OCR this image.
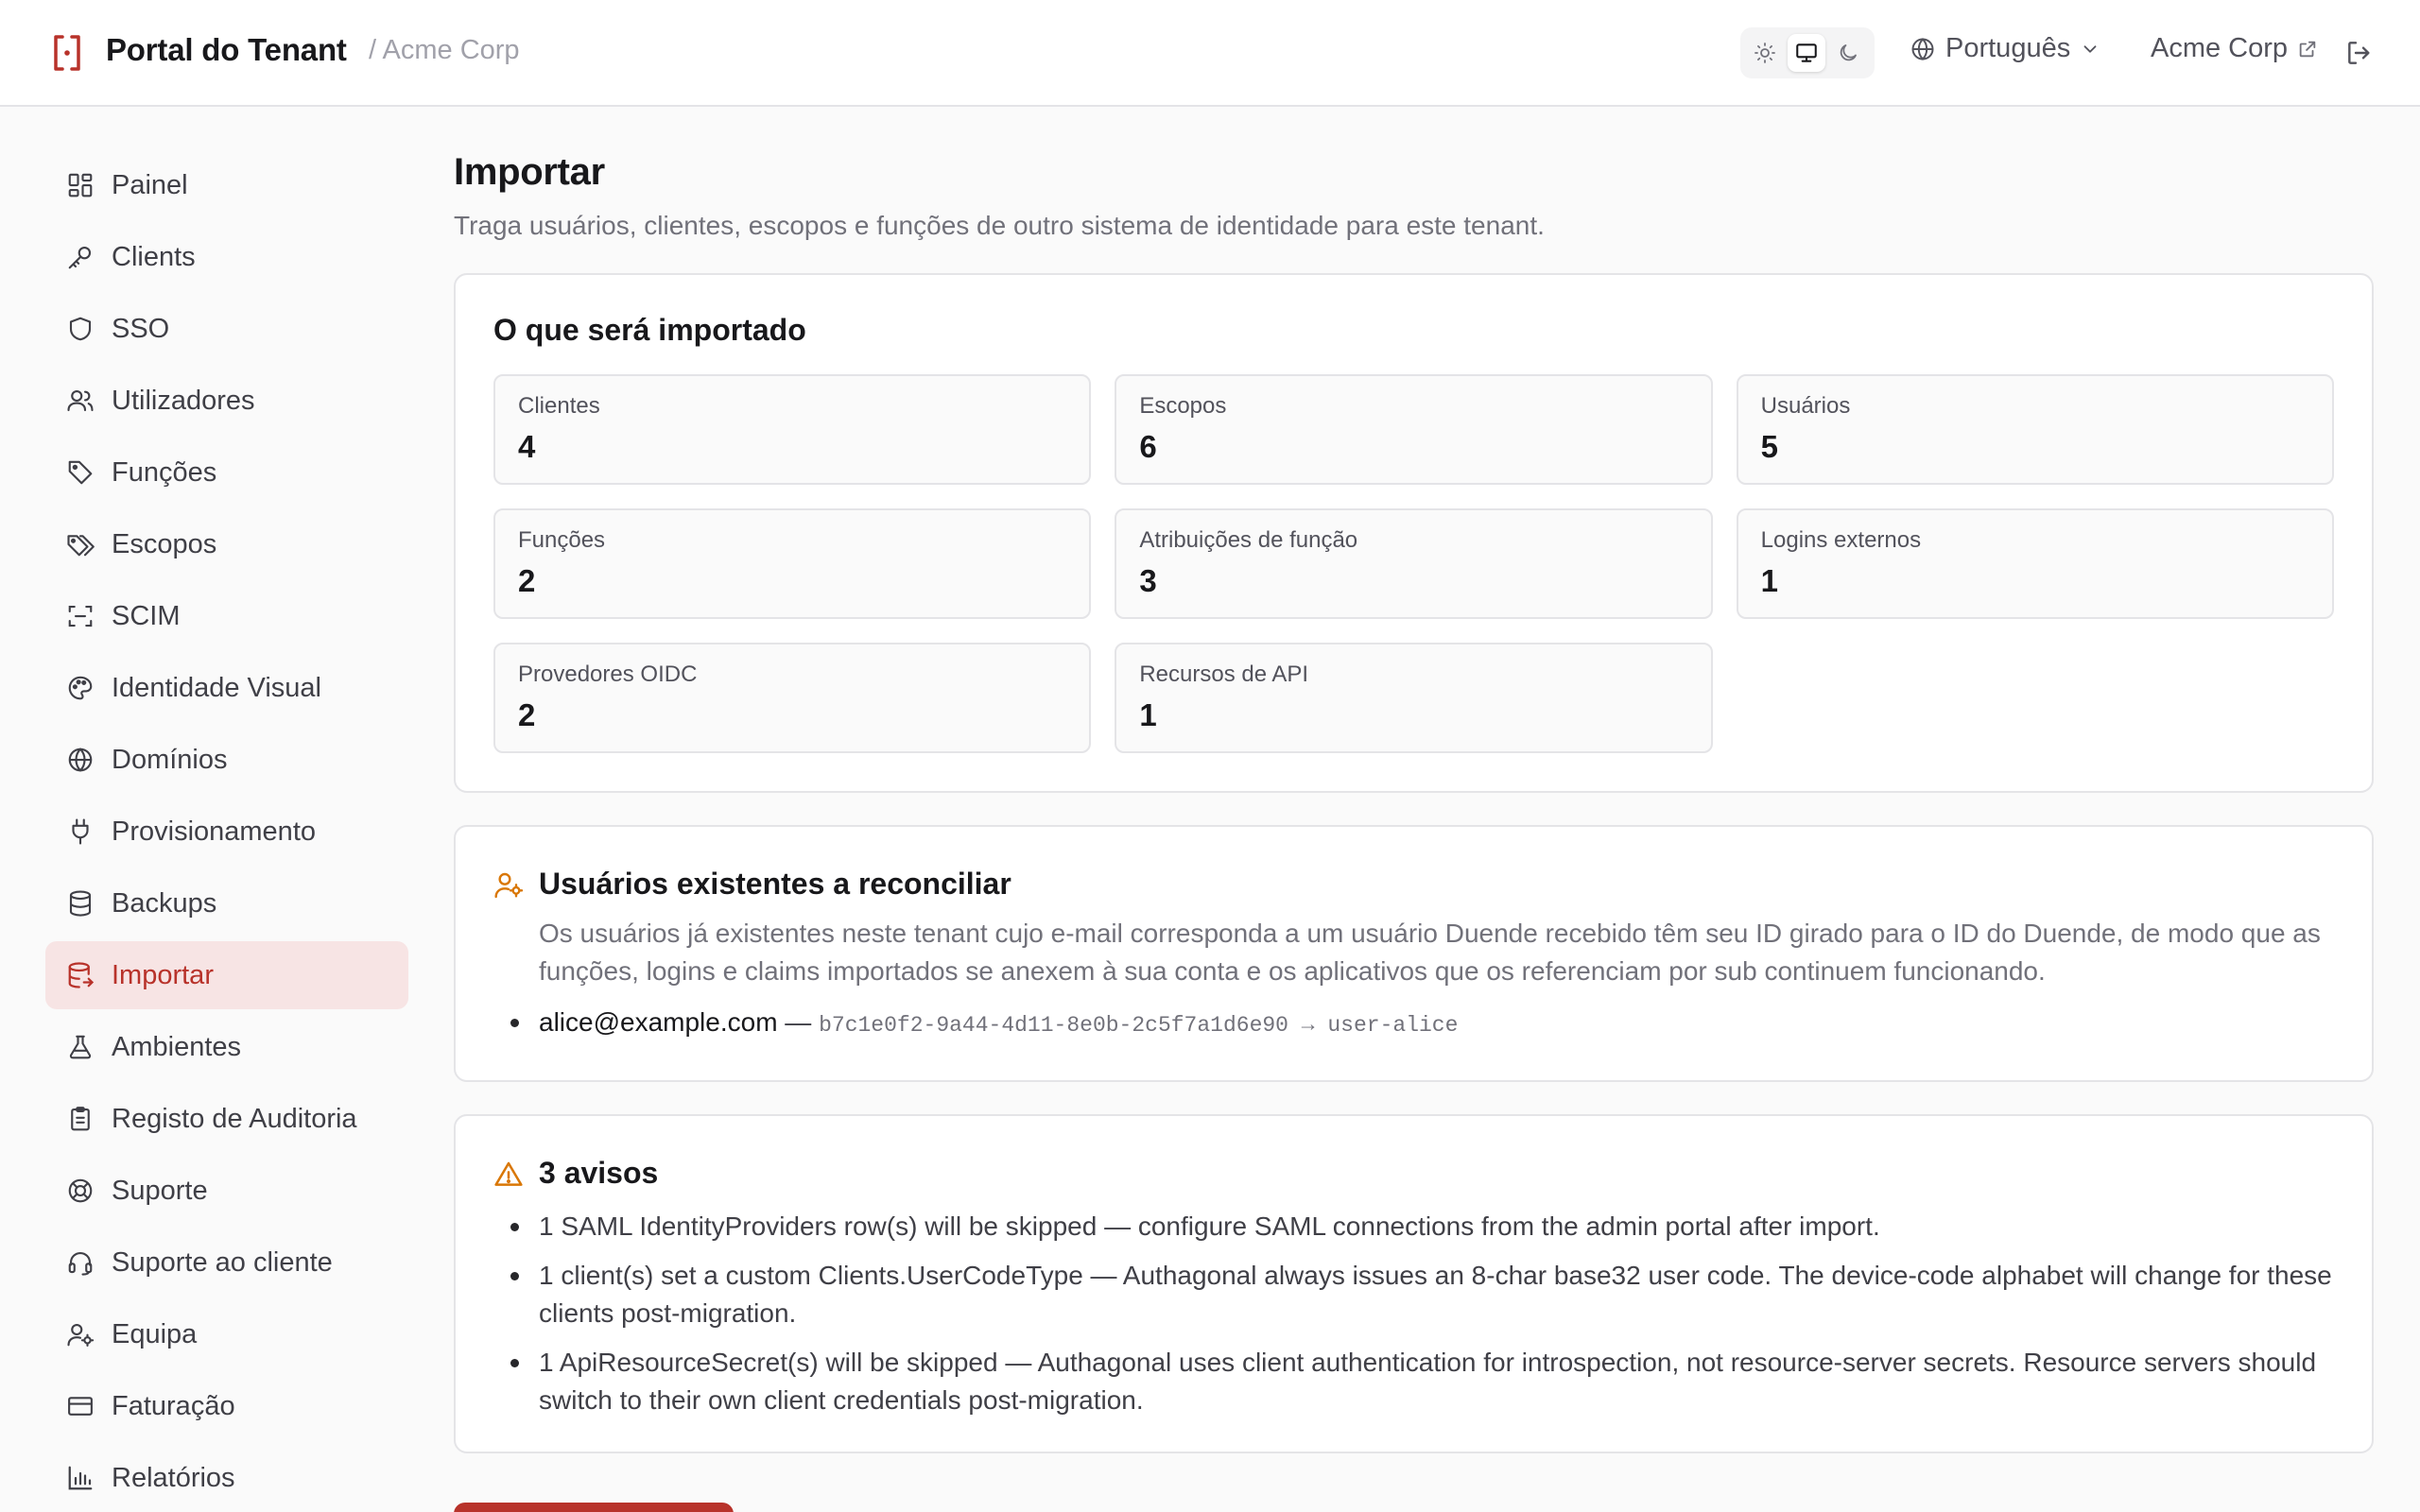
Portal do Tenant / Acme Corp	Português	Acme Corp
Painel
Clients
SSO
Utilizadores
Funções
Escopos
SCIM
Identidade Visual
Domínios
Provisionamento
Backups
Importar
Ambientes
Registo de Auditoria
Suporte
Suporte ao cliente
Equipa
Faturação
Relatórios
Importar

Traga usuários, clientes, escopos e funções de outro sistema de identidade para este tenant.

O que será importado
Clientes
4
Escopos
6
Usuários
5
Funções
2
Atribuições de função
3
Logins externos
1
Provedores OIDC
2
Recursos de API
1
Usuários existentes a reconciliar

Os usuários já existentes neste tenant cujo e-mail corresponda a um usuário Duende recebido têm seu ID girado para o ID do Duende, de modo que as funções, logins e claims importados se anexem à sua conta e os aplicativos que os referenciam por sub continuem funcionando.

alice@example.com — b7c1e0f2-9a44-4d11-8e0b-2c5f7a1d6e90 → user-alice
3 avisos
1 SAML IdentityProviders row(s) will be skipped — configure SAML connections from the admin portal after import.
1 client(s) set a custom Clients.UserCodeType — Authagonal always issues an 8-char base32 user code. The device-code alphabet will change for these clients post-migration.
1 ApiResourceSecret(s) will be skipped — Authagonal uses client authentication for introspection, not resource-server secrets. Resource servers should switch to their own client credentials post-migration.
